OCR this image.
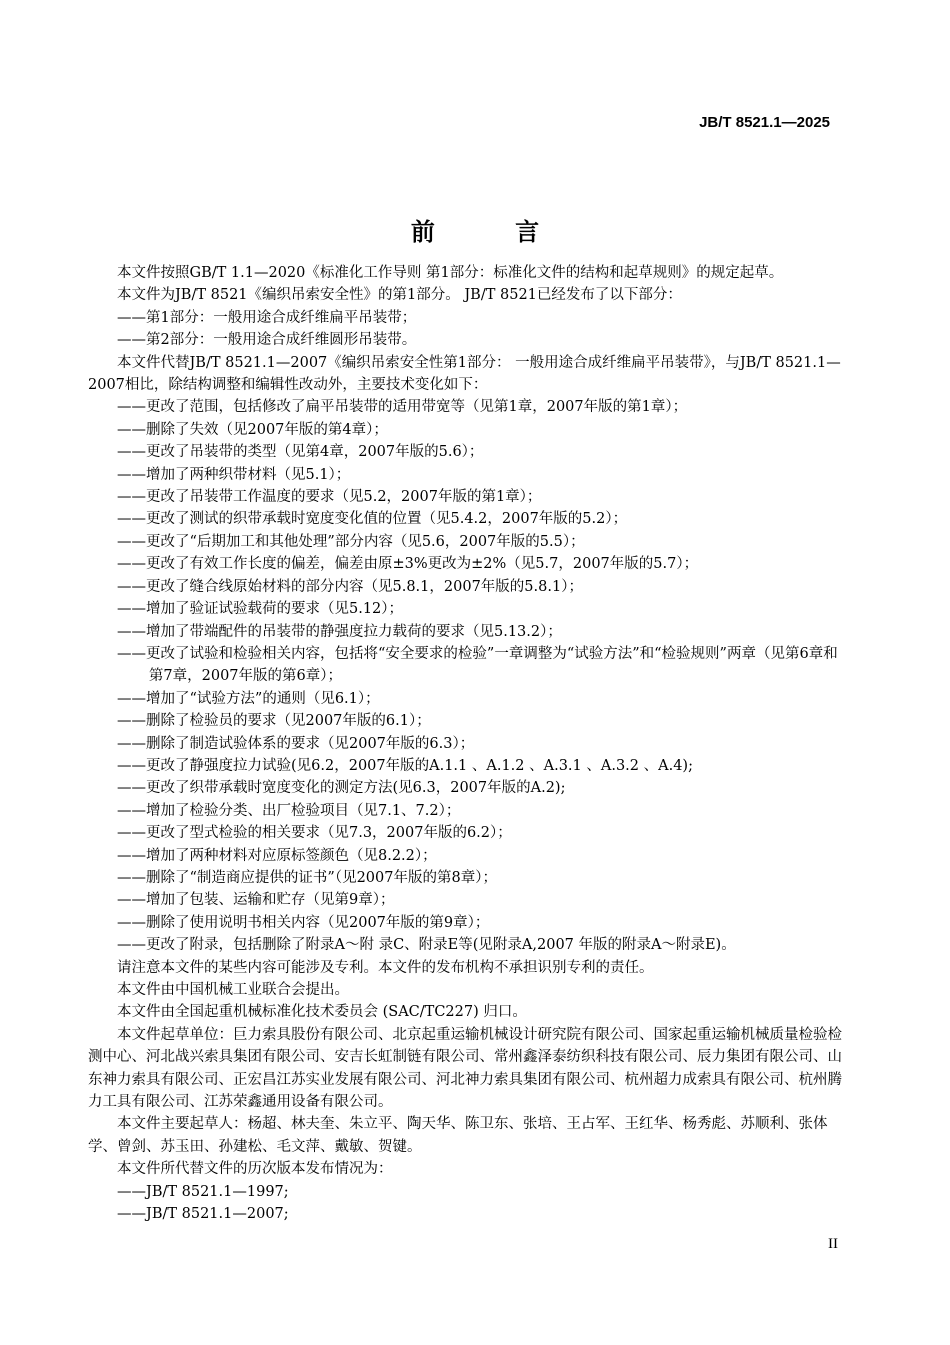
JB/T 8521.1—2025
前 言

本文件按照GB/T 1.1—2020《标准化工作导则 第1部分：标准化文件的结构和起草规则》的规定起草。

本文件为JB/T 8521《编织吊索安全性》的第1部分。 JB/T 8521已经发布了以下部分：

——第1部分：一般用途合成纤维扁平吊装带；

——第2部分：一般用途合成纤维圆形吊装带。

本文件代替JB/T 8521.1—2007《编织吊索安全性第1部分： 一般用途合成纤维扁平吊装带》，与JB/T 8521.1—2007相比，除结构调整和编辑性改动外，主要技术变化如下：

——更改了范围，包括修改了扁平吊装带的适用带宽等（见第1章，2007年版的第1章）；

——删除了失效（见2007年版的第4章）；

——更改了吊装带的类型（见第4章，2007年版的5.6）；

——增加了两种织带材料（见5.1）；

——更改了吊装带工作温度的要求（见5.2，2007年版的第1章）；

——更改了测试的织带承载时宽度变化值的位置（见5.4.2，2007年版的5.2）；

——更改了“后期加工和其他处理”部分内容（见5.6，2007年版的5.5）；

——更改了有效工作长度的偏差，偏差由原±3%更改为±2%（见5.7，2007年版的5.7）；

——更改了缝合线原始材料的部分内容（见5.8.1，2007年版的5.8.1）；

——增加了验证试验载荷的要求（见5.12）；

——增加了带端配件的吊装带的静强度拉力载荷的要求（见5.13.2）；

——更改了试验和检验相关内容，包括将“安全要求的检验”一章调整为“试验方法”和“检验规则”两章（见第6章和第7章，2007年版的第6章）；

——增加了“试验方法”的通则（见6.1）；

——删除了检验员的要求（见2007年版的6.1）；

——删除了制造试验体系的要求（见2007年版的6.3）；

——更改了静强度拉力试验(见6.2，2007年版的A.1.1 、A.1.2 、A.3.1 、A.3.2 、A.4);

——更改了织带承载时宽度变化的测定方法(见6.3，2007年版的A.2);

——增加了检验分类、出厂检验项目（见7.1、7.2）；

——更改了型式检验的相关要求（见7.3，2007年版的6.2）；

——增加了两种材料对应原标签颜色（见8.2.2）；

——删除了“制造商应提供的证书”（见2007年版的第8章）；

——增加了包装、运输和贮存（见第9章）；

——删除了使用说明书相关内容（见2007年版的第9章）；

——更改了附录，包括删除了附录A～附 录C、附录E等(见附录A,2007 年版的附录A～附录E)。

请注意本文件的某些内容可能涉及专利。本文件的发布机构不承担识别专利的责任。

本文件由中国机械工业联合会提出。

本文件由全国起重机械标准化技术委员会 (SAC/TC227) 归口。

本文件起草单位：巨力索具股份有限公司、北京起重运输机械设计研究院有限公司、国家起重运输机械质量检验检测中心、河北战兴索具集团有限公司、安吉长虹制链有限公司、常州鑫泽泰纺织科技有限公司、辰力集团有限公司、山东神力索具有限公司、正宏昌江苏实业发展有限公司、河北神力索具集团有限公司、杭州超力成索具有限公司、杭州腾力工具有限公司、江苏荣鑫通用设备有限公司。

本文件主要起草人：杨超、林夫奎、朱立平、陶天华、陈卫东、张培、王占军、王红华、杨秀彪、苏顺利、张体学、曾剑、苏玉田、孙建松、毛文萍、戴敏、贺键。

本文件所代替文件的历次版本发布情况为：

——JB/T 8521.1—1997;

——JB/T 8521.1—2007;

II
